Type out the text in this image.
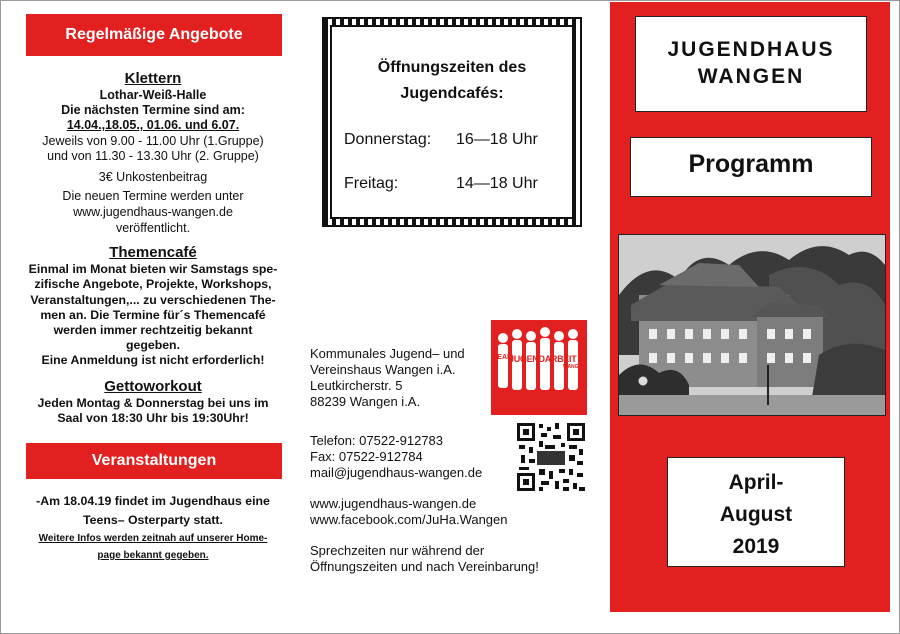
Regelmäßige Angebote
Klettern
Lothar-Weiß-Halle
Die nächsten Termine sind am:
14.04.,18.05., 01.06. und 6.07.
Jeweils von 9.00 - 11.00 Uhr (1.Gruppe)
und von 11.30 - 13.30 Uhr (2. Gruppe)
3€ Unkostenbeitrag
Die neuen Termine werden unter
www.jugendhaus-wangen.de
veröffentlicht.
Themencafé
Einmal im Monat bieten wir Samstags spe-
zifische Angebote, Projekte, Workshops,
Veranstaltungen,... zu verschiedenen The-
men an. Die Termine für´s Themencafé
werden immer rechtzeitig bekannt
gegeben.
Eine Anmeldung ist nicht erforderlich!
Gettoworkout
Jeden Montag & Donnerstag bei uns im
Saal von 18:30 Uhr bis 19:30Uhr!
Veranstaltungen
-Am 18.04.19 findet im Jugendhaus eine
Teens– Osterparty statt.
Weitere Infos werden zeitnah auf unserer Home-
page bekannt gegeben.
Öffnungszeiten des
Jugendcafés:
Donnerstag: 16—18 Uhr
Freitag:	14—18 Uhr
Kommunales Jugend– und
Vereinshaus Wangen i.A.
Leutkircherstr. 5
88239 Wangen i.A.
TEAM
JUGENDARBEIT
WANGEN
Telefon: 07522-912783
Fax: 07522-912784
mail@jugendhaus-wangen.de
www.jugendhaus-wangen.de
www.facebook.com/JuHa.Wangen
Sprechzeiten nur während der
Öffnungszeiten und nach Vereinbarung!
JUGENDHAUS
WANGEN
Programm
April-
August
2019
